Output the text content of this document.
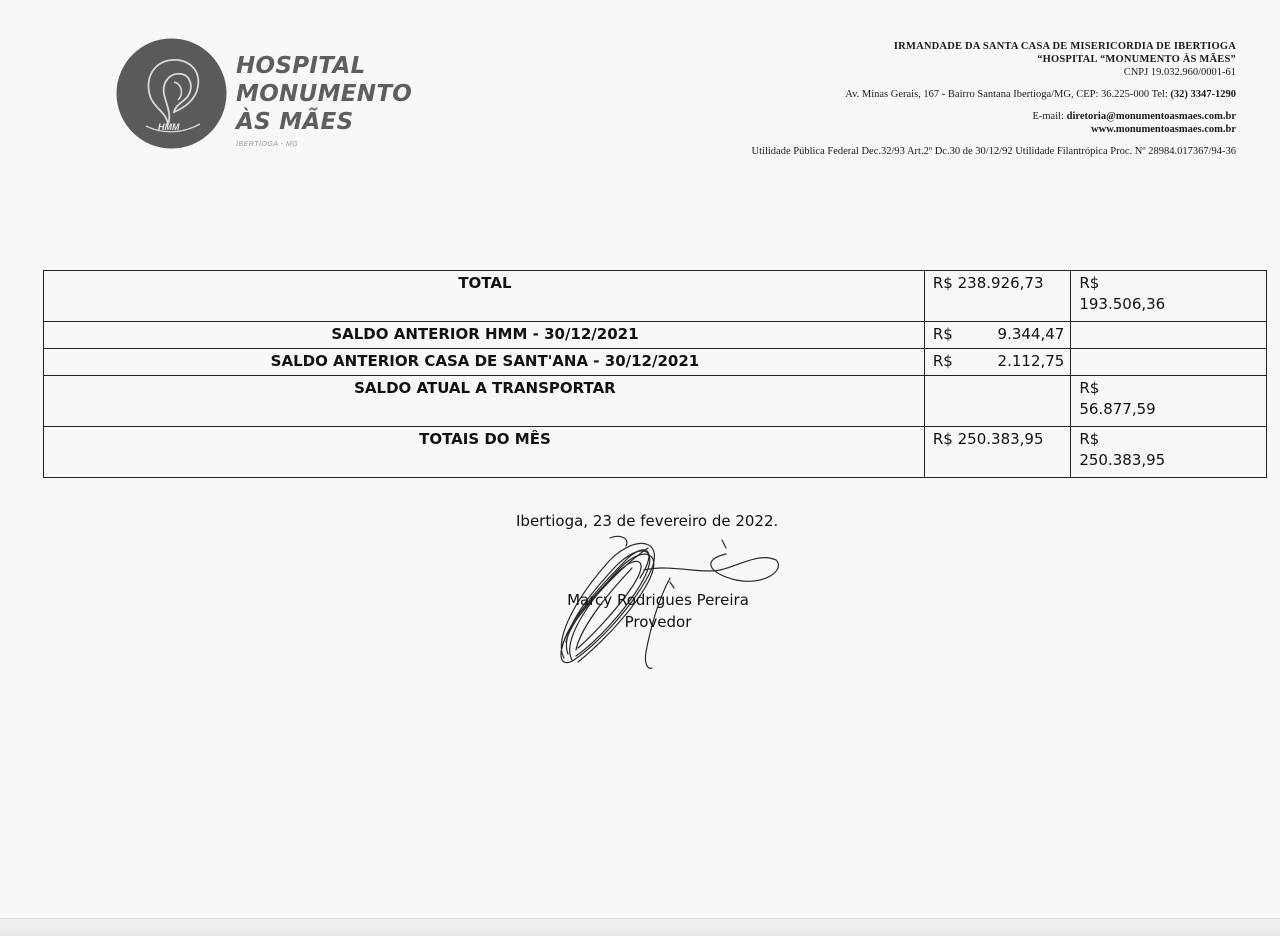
HMM
HOSPITAL
MONUMENTO
ÀS MÃES
IBERTIOGA - MG
IRMANDADE DA SANTA CASA DE MISERICORDIA DE IBERTIOGA
“HOSPITAL “MONUMENTO ÀS MÃES”
CNPJ 19.032.960/0001-61
Av. Minas Gerais, 167 - Bairro Santana Ibertioga/MG, CEP: 36.225-000 Tel: (32) 3347-1290
E-mail: diretoria@monumentoasmaes.com.br
www.monumentoasmaes.com.br
Utilidade Pública Federal Dec.32/93 Art.2º Dc.30 de 30/12/92 Utilidade Filantrópica Proc. Nº 28984.017367/94-36
TOTAL	R$ 238.926,73	R$
193.506,36

SALDO ANTERIOR HMM - 30/12/2021	R$ 9.344,47	

SALDO ANTERIOR CASA DE SANT'ANA - 30/12/2021	R$ 2.112,75	

SALDO ATUAL A TRANSPORTAR		R$
56.877,59

TOTAIS DO MÊS	R$ 250.383,95	R$
250.383,95
Ibertioga, 23 de fevereiro de 2022.
Marcy Rodrigues Pereira
Provedor
